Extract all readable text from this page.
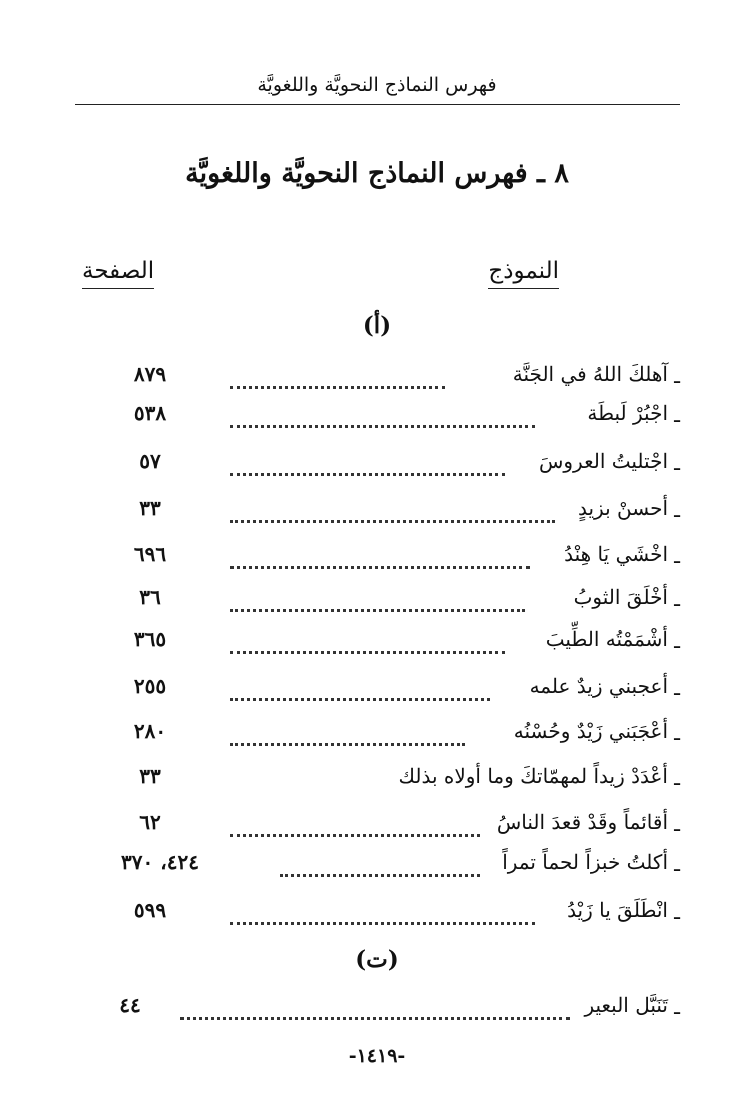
فهرس النماذج النحويَّة واللغويَّة
٨ ـ فهرس النماذج النحويَّة واللغويَّة
النموذج
الصفحة
(أ)
ـ
آهلكَ اللهُ في الجَنَّة
٨٧٩
ـ
اجْبُرْ لَبطَة
٥٣٨
ـ
اجْتليتُ العروسَ
٥٧
ـ
أحسنْ بزيدٍ
٣٣
ـ
اخْشَي يَا هِنْدُ
٦٩٦
ـ
أخْلَقَ الثوبُ
٣٦
ـ
أشْمَمْتُه الطِّيبَ
٣٦٥
ـ
أعجبني زيدٌ علمه
٢٥٥
ـ
أعْجَبَني زَيْدٌ وحُسْنُه
٢٨٠
ـ
أعْدَدْ زيداً لمهمّاتكَ وما أولاه بذلك
٣٣
ـ
أقائماً وقَدْ قعدَ الناسُ
٦٢
ـ
أكلتُ خبزاً لحماً تمراً
٤٢٤، ٣٧٠
ـ
انْطَلَقَ يا زَيْدُ
٥٩٩
(ت)
ـ
تَنَبَّل البعير
٤٤
-١٤١٩-
